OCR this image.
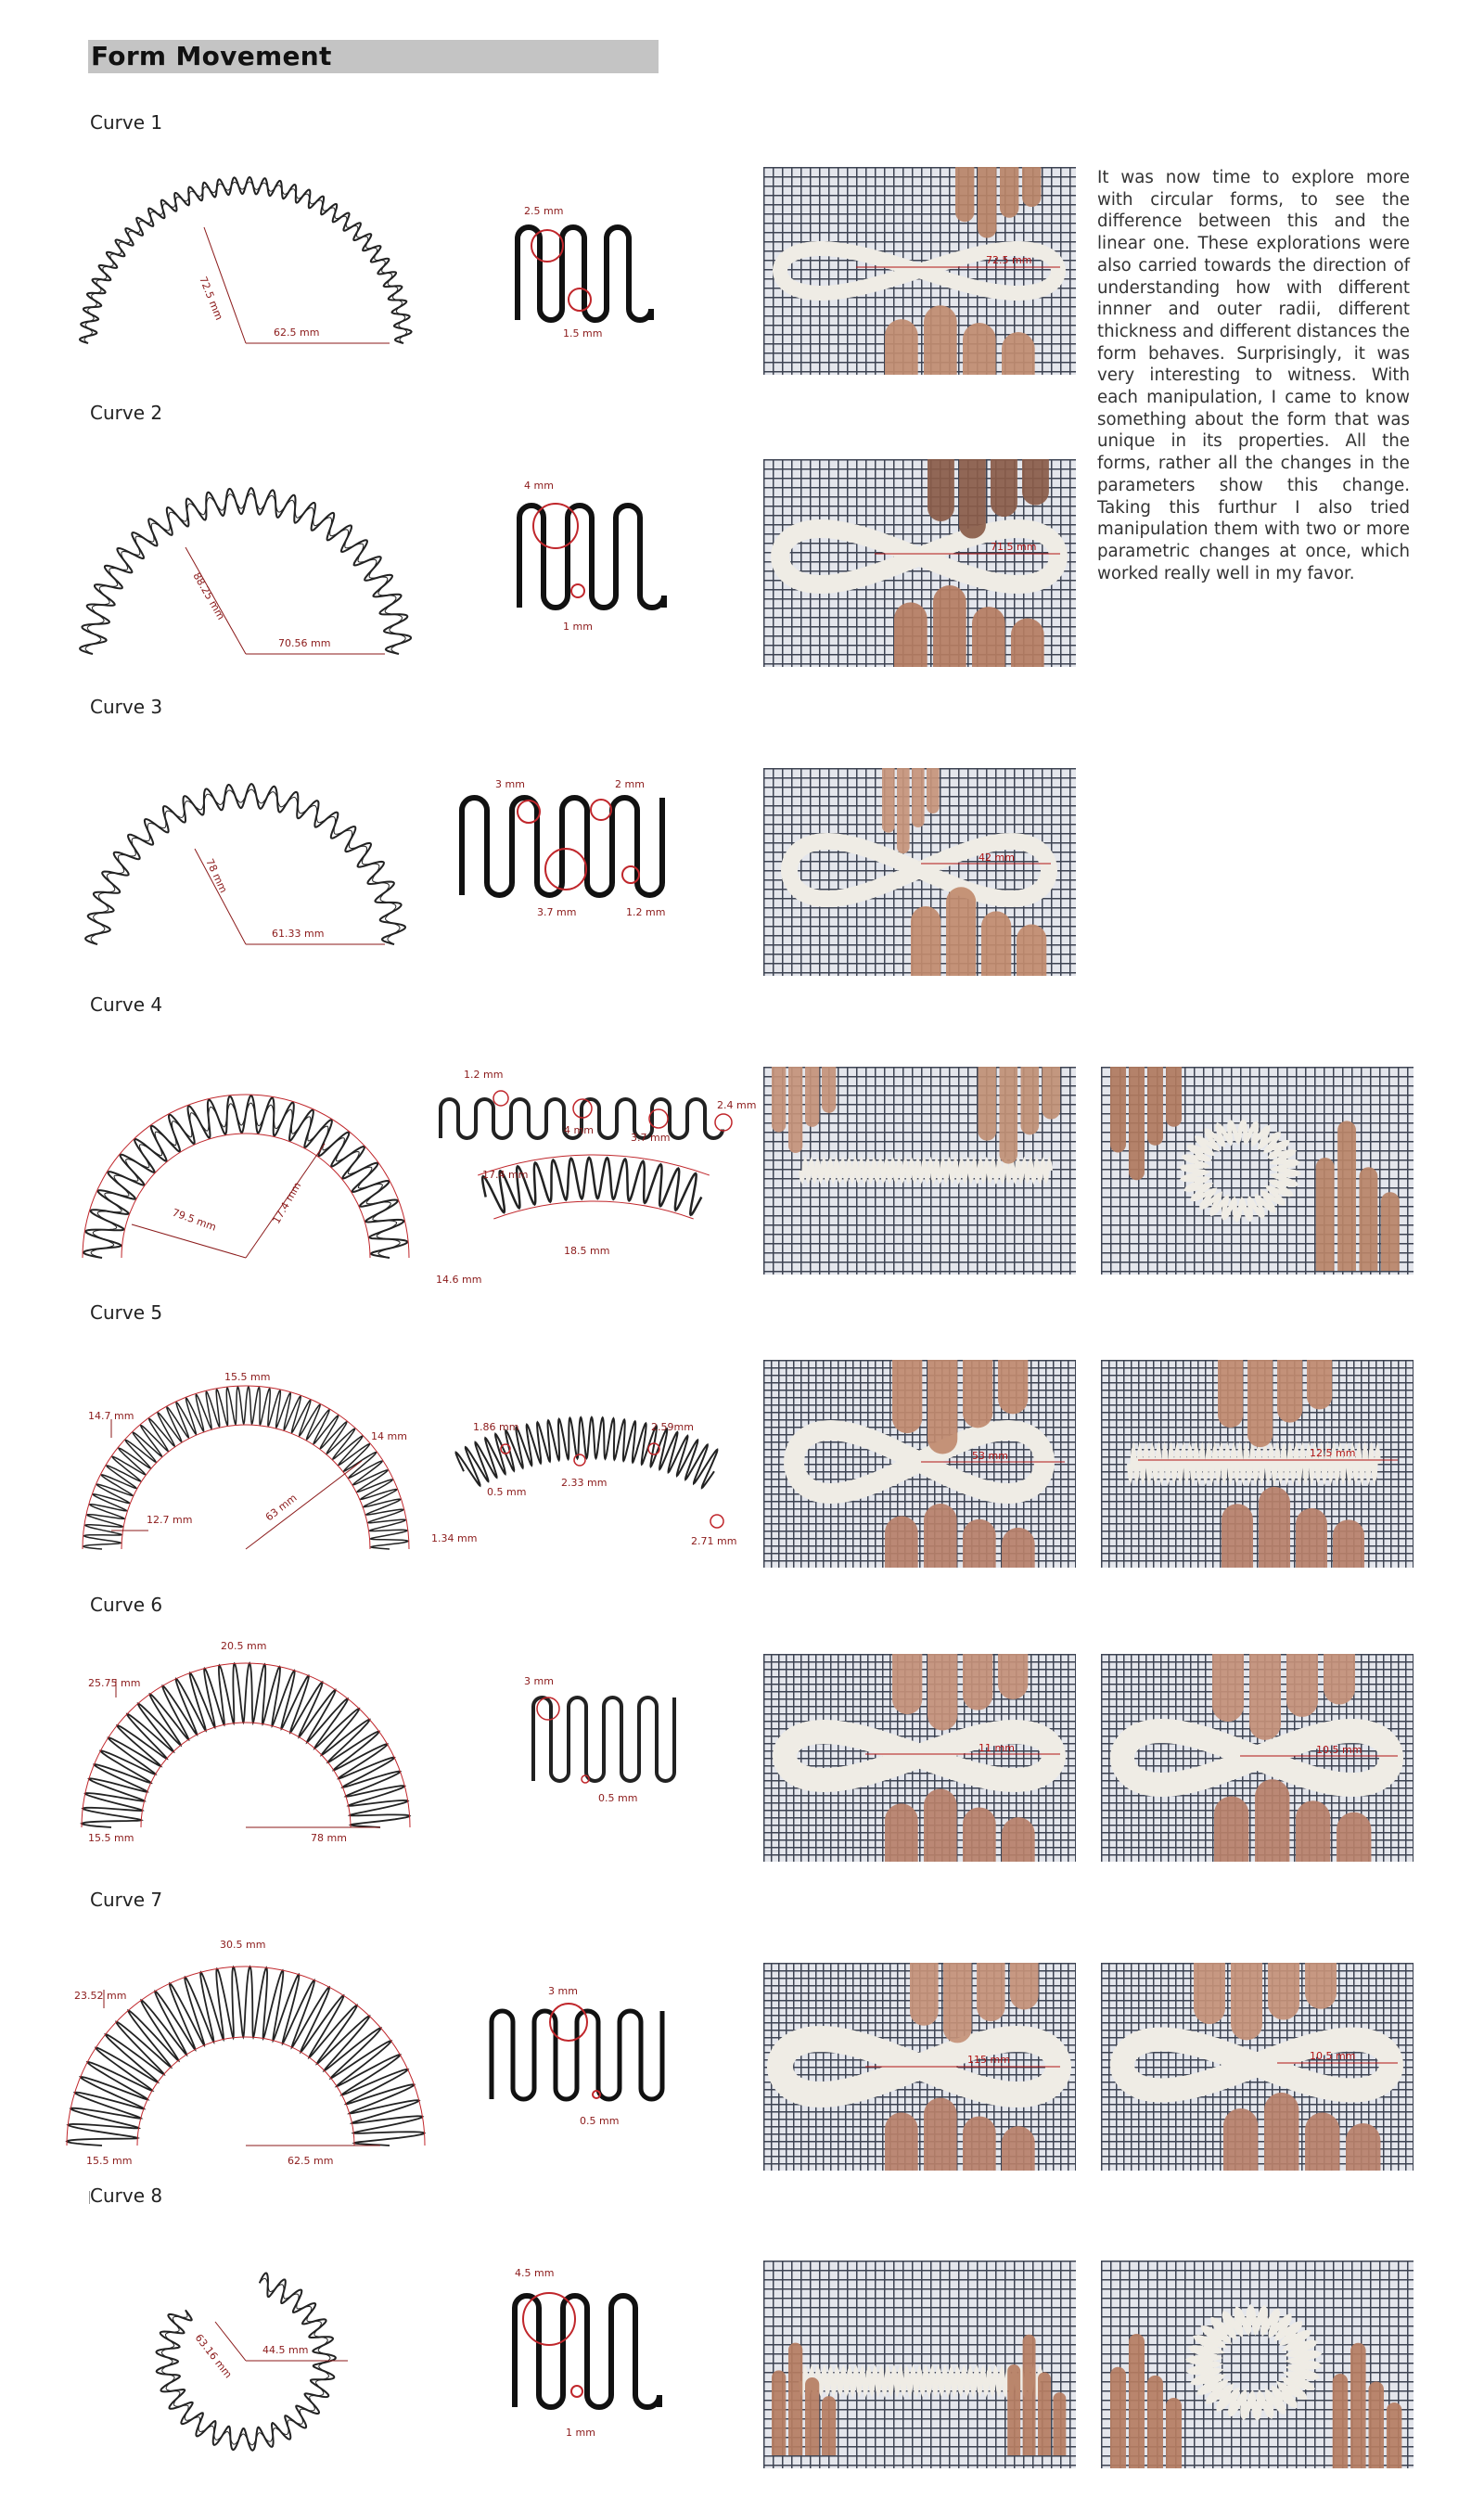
Form Movement
Curve 1
Curve 2
Curve 3
Curve 4
Curve 5
Curve 6
Curve 7
Curve 8
72.5 mm
62.5 mm
2.5 mm
1.5 mm
72.5 mm
88.25 mm
70.56 mm
4 mm
1 mm
71.5 mm
78 mm
61.33 mm
3 mm	2 mm
3.7 mm	1.2 mm
42 mm
79.5 mm	17.4 mm
1.2 mm
2.4 mm
4 mm
3.7 mm
17.4 mm
18.5 mm
14.6 mm
15.5 mm
14.7 mm
14 mm
12.7 mm	63 mm
1.86 mm	2.59mm
0.5 mm
2.33 mm
1.34 mm	2.71 mm
53 mm	12.5 mm
20.5 mm
25.75 mm
15.5 mm	78 mm
3 mm
0.5 mm
11 mm	10.5 mm
30.5 mm
23.52 mm
15.5 mm	62.5 mm
3 mm
0.5 mm
115 mm	10.5 mm
63.16 mm	44.5 mm
4.5 mm
1 mm

It was now time to explore more with circular forms, to see the difference between this and the linear one. These explorations were also carried towards the direction of understanding how with different innner and outer radii, different thickness and different distances the form behaves. Surprisingly, it was very interesting to witness. With each manipulation, I came to know something about the form that was unique in its properties. All the forms, rather all the changes in the parameters show this change. Taking this furthur I also tried manipulation them with two or more parametric changes at once, which worked really well in my favor.
